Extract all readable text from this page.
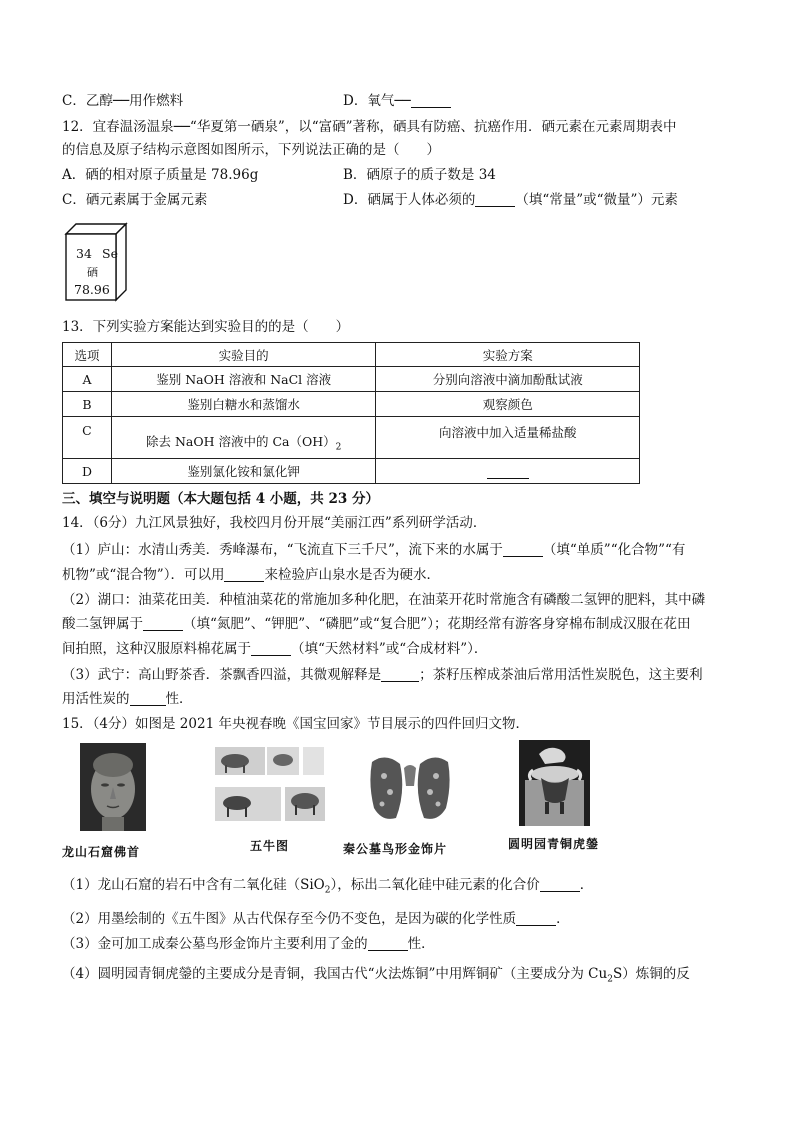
C．乙醇──用作燃料	D．氧气──
12．宜春温汤温泉──“华夏第一硒泉”，以“富硒”著称，硒具有防癌、抗癌作用．硒元素在元素周期表中
的信息及原子结构示意图如图所示，下列说法正确的是（　　）
A．硒的相对原子质量是 78.96g	B．硒原子的质子数是 34
C．硒元素属于金属元素	D．硒属于人体必须的	（填“常量”或“微量”）元素
34 Se
硒
78.96
13．下列实验方案能达到实验目的的是（　　）
选项	实验目的	实验方案
A	鉴别 NaOH 溶液和 NaCl 溶液	分别向溶液中滴加酚酞试液
B	鉴别白糖水和蒸馏水	观察颜色
C	除去 NaOH 溶液中的 $Ca(OH)_2$	向溶液中加入适量稀盐酸
D	鉴别氯化铵和氯化钾	
三、填空与说明题（本大题包括 4 小题，共 23 分）
14．（6分）九江风景独好，我校四月份开展“美丽江西”系列研学活动．
（1）庐山：水清山秀美．秀峰瀑布，“飞流直下三千尺”，流下来的水属于	（填“单质”“化合物”“有
机物”或“混合物”）．可以用	来检验庐山泉水是否为硬水．
（2）湖口：油菜花田美．种植油菜花的常施加多种化肥，在油菜开花时常施含有磷酸二氢钾的肥料，其中磷
酸二氢钾属于	（填“氮肥”、“钾肥”、“磷肥”或“复合肥”）；花期经常有游客身穿棉布制成汉服在花田
间拍照，这种汉服原料棉花属于	（填“天然材料”或“合成材料”）．
（3）武宁：高山野茶香．茶飘香四溢，其微观解释是	；茶籽压榨成茶油后常用活性炭脱色，这主要利
用活性炭的	性．
15．（4分）如图是 2021 年央视春晚《国宝回家》节目展示的四件回归文物．
龙山石窟佛首	五牛图	秦公墓鸟形金饰片	圆明园青铜虎鎣
（1）龙山石窟的岩石中含有二氧化硅（SiO$_2$），标出二氧化硅中硅元素的化合价	．
（2）用墨绘制的《五牛图》从古代保存至今仍不变色，是因为碳的化学性质	．
（3）金可加工成秦公墓鸟形金饰片主要利用了金的	性．
（4）圆明园青铜虎鎣的主要成分是青铜，我国古代“火法炼铜”中用辉铜矿（主要成分为 $Cu_2S$）炼铜的反
